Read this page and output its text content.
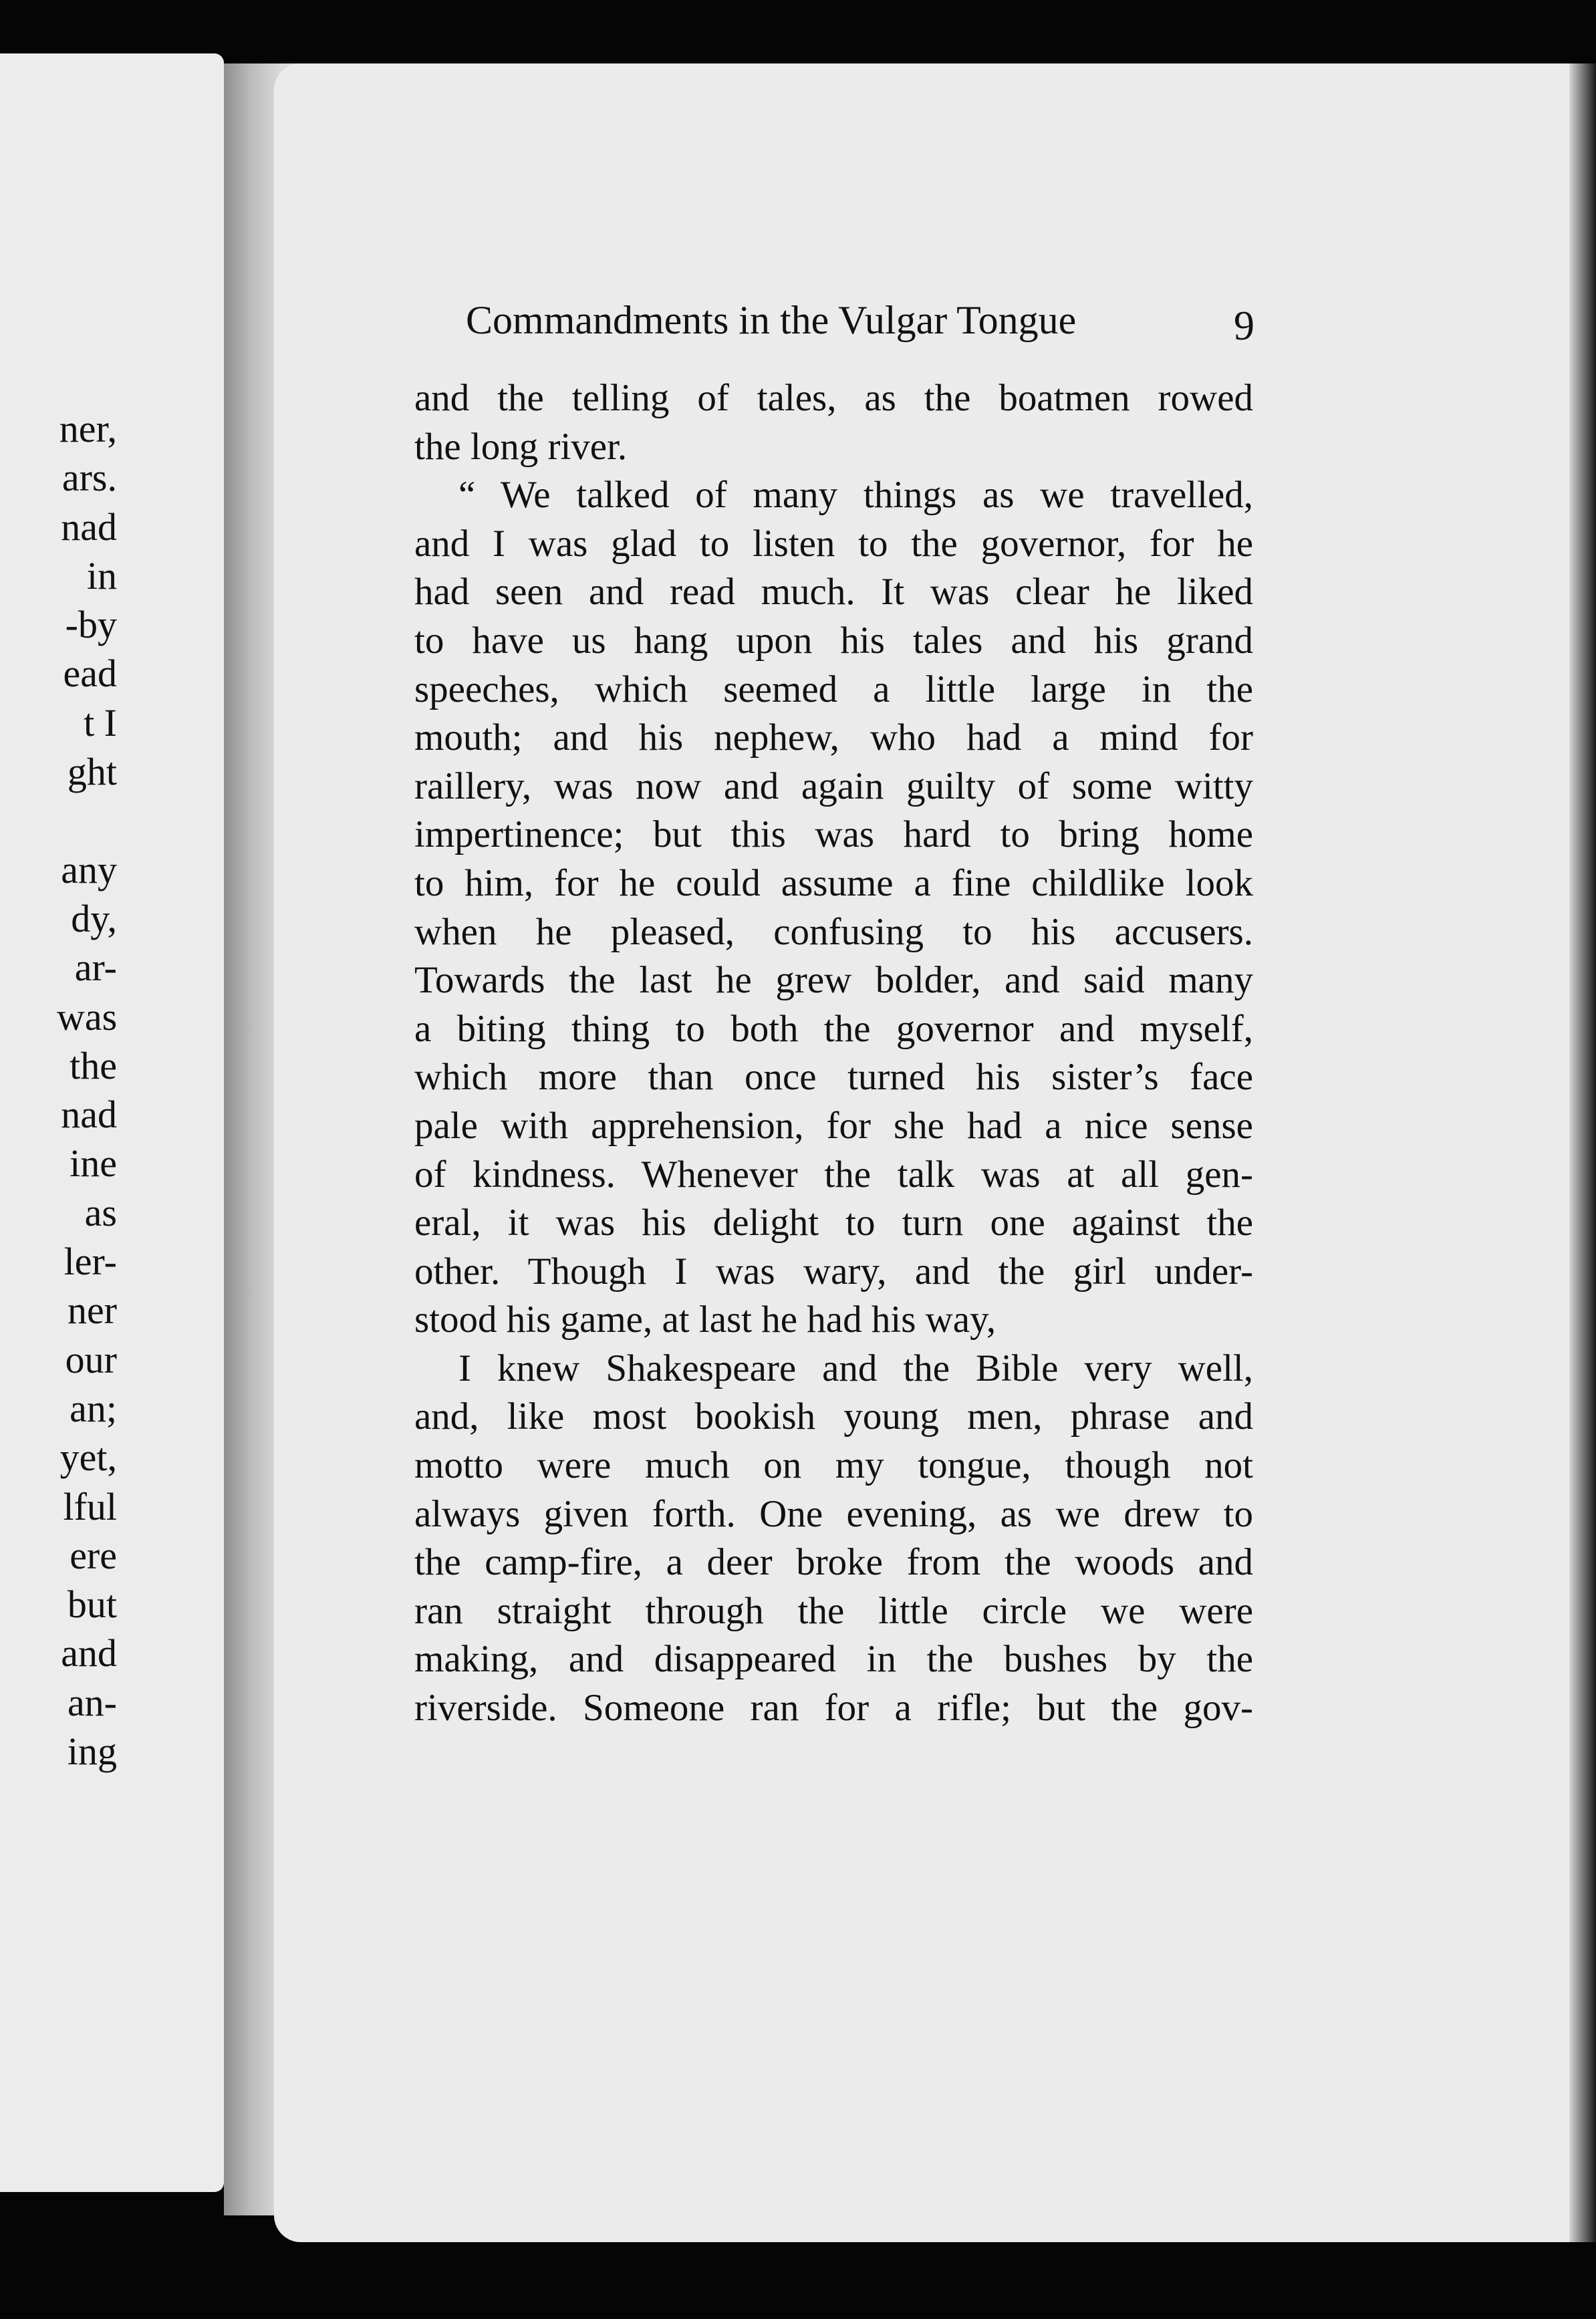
ner,
ars.
nad
in
-by
ead
t I
ght
any
dy,
ar-
was
the
nad
ine
as
ler-
ner
our
an;
yet,
lful
ere
but
and
an-
ing
Commandments in the Vulgar Tongue	9
and the telling of tales, as the boatmen rowed
the long river.
“ We talked of many things as we travelled,
and I was glad to listen to the governor, for he
had seen and read much. It was clear he liked
to have us hang upon his tales and his grand
speeches, which seemed a little large in the
mouth; and his nephew, who had a mind for
raillery, was now and again guilty of some witty
impertinence; but this was hard to bring home
to him, for he could assume a fine childlike look
when he pleased, confusing to his accusers.
Towards the last he grew bolder, and said many
a biting thing to both the governor and myself,
which more than once turned his sister’s face
pale with apprehension, for she had a nice sense
of kindness. Whenever the talk was at all gen-
eral, it was his delight to turn one against the
other. Though I was wary, and the girl under-
stood his game, at last he had his way,
I knew Shakespeare and the Bible very well,
and, like most bookish young men, phrase and
motto were much on my tongue, though not
always given forth. One evening, as we drew to
the camp-fire, a deer broke from the woods and
ran straight through the little circle we were
making, and disappeared in the bushes by the
riverside. Someone ran for a rifle; but the gov-
